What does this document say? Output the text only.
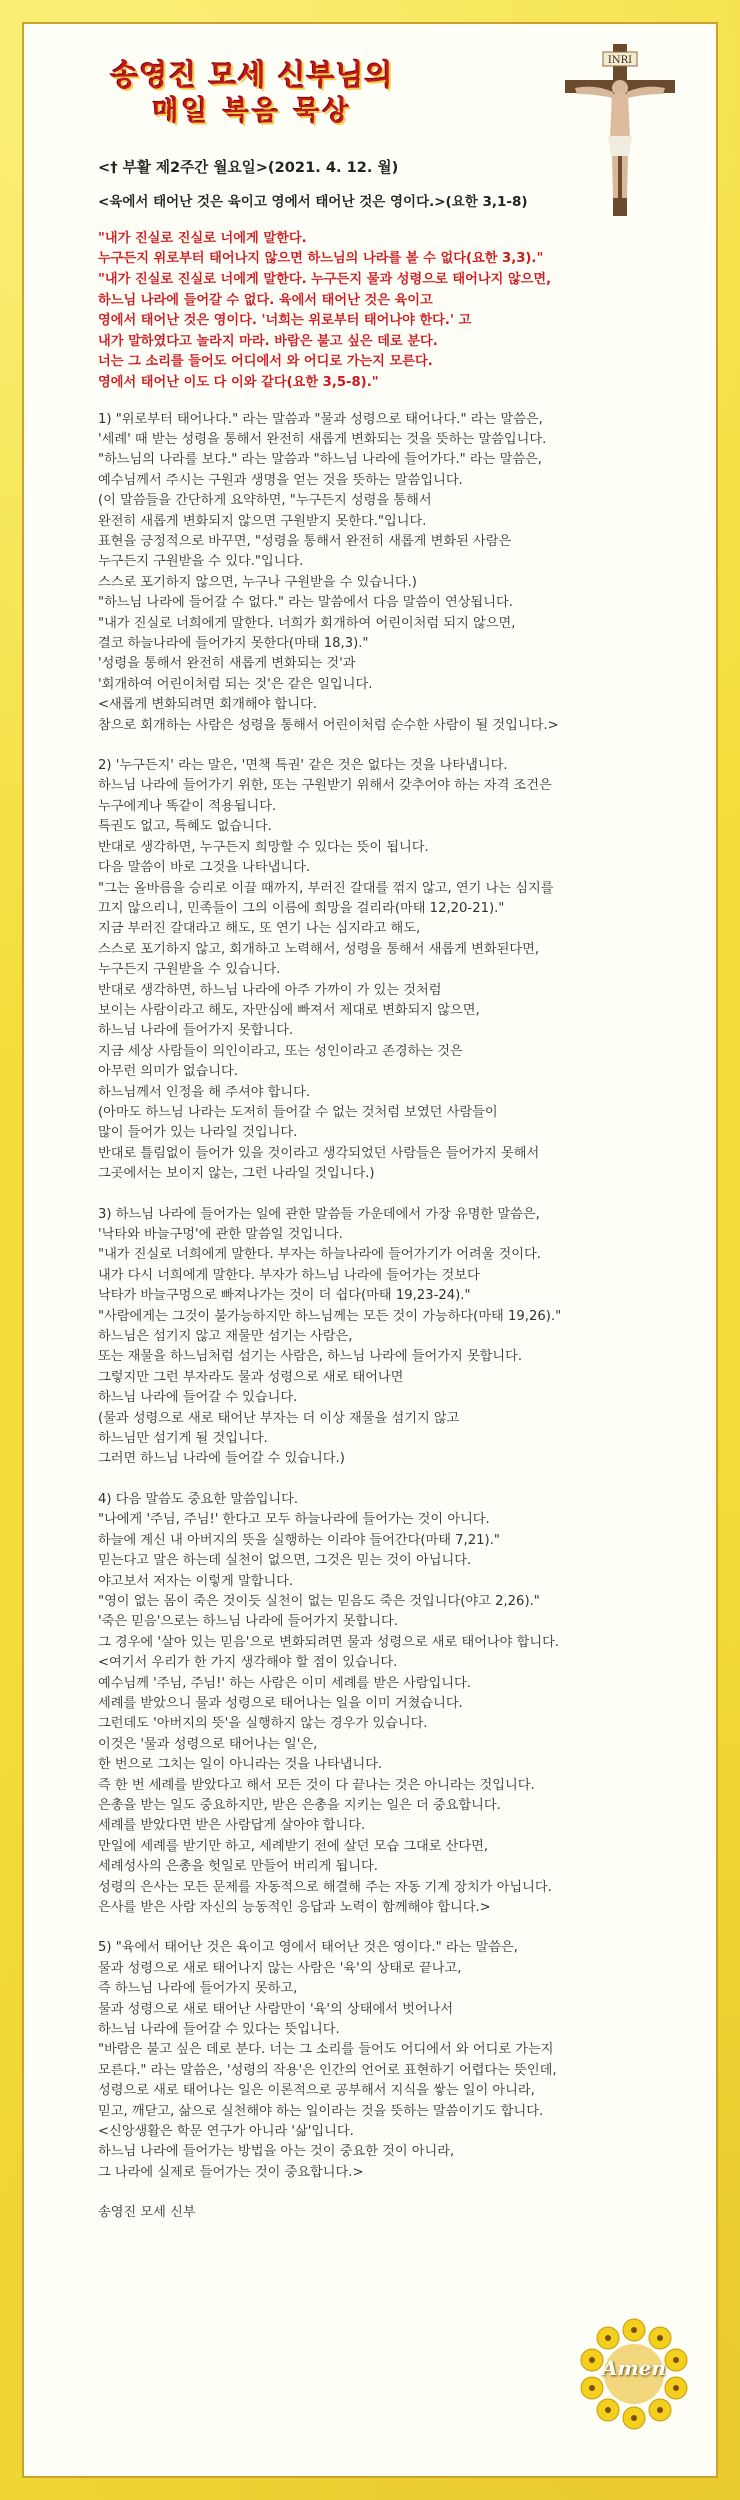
송영진 모세 신부님의
매일 복음 묵상
INRI

<† 부활 제2주간 월요일>(2021. 4. 12. 월)

<육에서 태어난 것은 육이고 영에서 태어난 것은 영이다.>(요한 3,1-8)

"내가 진실로 진실로 너에게 말한다.
누구든지 위로부터 태어나지 않으면 하느님의 나라를 볼 수 없다(요한 3,3)."
"내가 진실로 진실로 너에게 말한다. 누구든지 물과 성령으로 태어나지 않으면,
하느님 나라에 들어갈 수 없다. 육에서 태어난 것은 육이고
영에서 태어난 것은 영이다. '너희는 위로부터 태어나야 한다.' 고
내가 말하였다고 놀라지 마라. 바람은 불고 싶은 데로 분다.
너는 그 소리를 들어도 어디에서 와 어디로 가는지 모른다.
영에서 태어난 이도 다 이와 같다(요한 3,5-8)."

1) "위로부터 태어나다." 라는 말씀과 "물과 성령으로 태어나다." 라는 말씀은,
'세례' 때 받는 성령을 통해서 완전히 새롭게 변화되는 것을 뜻하는 말씀입니다.
"하느님의 나라를 보다." 라는 말씀과 "하느님 나라에 들어가다." 라는 말씀은,
예수님께서 주시는 구원과 생명을 얻는 것을 뜻하는 말씀입니다.
(이 말씀들을 간단하게 요약하면, "누구든지 성령을 통해서
완전히 새롭게 변화되지 않으면 구원받지 못한다."입니다.
표현을 긍정적으로 바꾸면, "성령을 통해서 완전히 새롭게 변화된 사람은
누구든지 구원받을 수 있다."입니다.
스스로 포기하지 않으면, 누구나 구원받을 수 있습니다.)
"하느님 나라에 들어갈 수 없다." 라는 말씀에서 다음 말씀이 연상됩니다.
"내가 진실로 너희에게 말한다. 너희가 회개하여 어린이처럼 되지 않으면,
결코 하늘나라에 들어가지 못한다(마태 18,3)."
'성령을 통해서 완전히 새롭게 변화되는 것'과
'회개하여 어린이처럼 되는 것'은 같은 일입니다.
<새롭게 변화되려면 회개해야 합니다.
참으로 회개하는 사람은 성령을 통해서 어린이처럼 순수한 사람이 될 것입니다.>

2) '누구든지' 라는 말은, '면책 특권' 같은 것은 없다는 것을 나타냅니다.
하느님 나라에 들어가기 위한, 또는 구원받기 위해서 갖추어야 하는 자격 조건은
누구에게나 똑같이 적용됩니다.
특권도 없고, 특혜도 없습니다.
반대로 생각하면, 누구든지 희망할 수 있다는 뜻이 됩니다.
다음 말씀이 바로 그것을 나타냅니다.
"그는 올바름을 승리로 이끌 때까지, 부러진 갈대를 꺾지 않고, 연기 나는 심지를
끄지 않으리니, 민족들이 그의 이름에 희망을 걸리라(마태 12,20-21)."
지금 부러진 갈대라고 해도, 또 연기 나는 심지라고 해도,
스스로 포기하지 않고, 회개하고 노력해서, 성령을 통해서 새롭게 변화된다면,
누구든지 구원받을 수 있습니다.
반대로 생각하면, 하느님 나라에 아주 가까이 가 있는 것처럼
보이는 사람이라고 해도, 자만심에 빠져서 제대로 변화되지 않으면,
하느님 나라에 들어가지 못합니다.
지금 세상 사람들이 의인이라고, 또는 성인이라고 존경하는 것은
아무런 의미가 없습니다.
하느님께서 인정을 해 주셔야 합니다.
(아마도 하느님 나라는 도저히 들어갈 수 없는 것처럼 보였던 사람들이
많이 들어가 있는 나라일 것입니다.
반대로 틀림없이 들어가 있을 것이라고 생각되었던 사람들은 들어가지 못해서
그곳에서는 보이지 않는, 그런 나라일 것입니다.)

3) 하느님 나라에 들어가는 일에 관한 말씀들 가운데에서 가장 유명한 말씀은,
'낙타와 바늘구멍'에 관한 말씀일 것입니다.
"내가 진실로 너희에게 말한다. 부자는 하늘나라에 들어가기가 어려울 것이다.
내가 다시 너희에게 말한다. 부자가 하느님 나라에 들어가는 것보다
낙타가 바늘구멍으로 빠져나가는 것이 더 쉽다(마태 19,23-24)."
"사람에게는 그것이 불가능하지만 하느님께는 모든 것이 가능하다(마태 19,26)."
하느님은 섬기지 않고 재물만 섬기는 사람은,
또는 재물을 하느님처럼 섬기는 사람은, 하느님 나라에 들어가지 못합니다.
그렇지만 그런 부자라도 물과 성령으로 새로 태어나면
하느님 나라에 들어갈 수 있습니다.
(물과 성령으로 새로 태어난 부자는 더 이상 재물을 섬기지 않고
하느님만 섬기게 될 것입니다.
그러면 하느님 나라에 들어갈 수 있습니다.)

4) 다음 말씀도 중요한 말씀입니다.
"나에게 '주님, 주님!' 한다고 모두 하늘나라에 들어가는 것이 아니다.
하늘에 계신 내 아버지의 뜻을 실행하는 이라야 들어간다(마태 7,21)."
믿는다고 말은 하는데 실천이 없으면, 그것은 믿는 것이 아닙니다.
야고보서 저자는 이렇게 말합니다.
"영이 없는 몸이 죽은 것이듯 실천이 없는 믿음도 죽은 것입니다(야고 2,26)."
'죽은 믿음'으로는 하느님 나라에 들어가지 못합니다.
그 경우에 '살아 있는 믿음'으로 변화되려면 물과 성령으로 새로 태어나야 합니다.
<여기서 우리가 한 가지 생각해야 할 점이 있습니다.
예수님께 '주님, 주님!' 하는 사람은 이미 세례를 받은 사람입니다.
세례를 받았으니 물과 성령으로 태어나는 일을 이미 거쳤습니다.
그런데도 '아버지의 뜻'을 실행하지 않는 경우가 있습니다.
이것은 '물과 성령으로 태어나는 일'은,
한 번으로 그치는 일이 아니라는 것을 나타냅니다.
즉 한 번 세례를 받았다고 해서 모든 것이 다 끝나는 것은 아니라는 것입니다.
은총을 받는 일도 중요하지만, 받은 은총을 지키는 일은 더 중요합니다.
세례를 받았다면 받은 사람답게 살아야 합니다.
만일에 세례를 받기만 하고, 세례받기 전에 살던 모습 그대로 산다면,
세례성사의 은총을 헛일로 만들어 버리게 됩니다.
성령의 은사는 모든 문제를 자동적으로 해결해 주는 자동 기계 장치가 아닙니다.
은사를 받은 사람 자신의 능동적인 응답과 노력이 함께해야 합니다.>

5) "육에서 태어난 것은 육이고 영에서 태어난 것은 영이다." 라는 말씀은,
물과 성령으로 새로 태어나지 않는 사람은 '육'의 상태로 끝나고,
즉 하느님 나라에 들어가지 못하고,
물과 성령으로 새로 태어난 사람만이 '육'의 상태에서 벗어나서
하느님 나라에 들어갈 수 있다는 뜻입니다.
"바람은 불고 싶은 데로 분다. 너는 그 소리를 들어도 어디에서 와 어디로 가는지
모른다." 라는 말씀은, '성령의 작용'은 인간의 언어로 표현하기 어렵다는 뜻인데,
성령으로 새로 태어나는 일은 이론적으로 공부해서 지식을 쌓는 일이 아니라,
믿고, 깨닫고, 삶으로 실천해야 하는 일이라는 것을 뜻하는 말씀이기도 합니다.
<신앙생활은 학문 연구가 아니라 '삶'입니다.
하느님 나라에 들어가는 방법을 아는 것이 중요한 것이 아니라,
그 나라에 실제로 들어가는 것이 중요합니다.>

송영진 모세 신부

Amen
